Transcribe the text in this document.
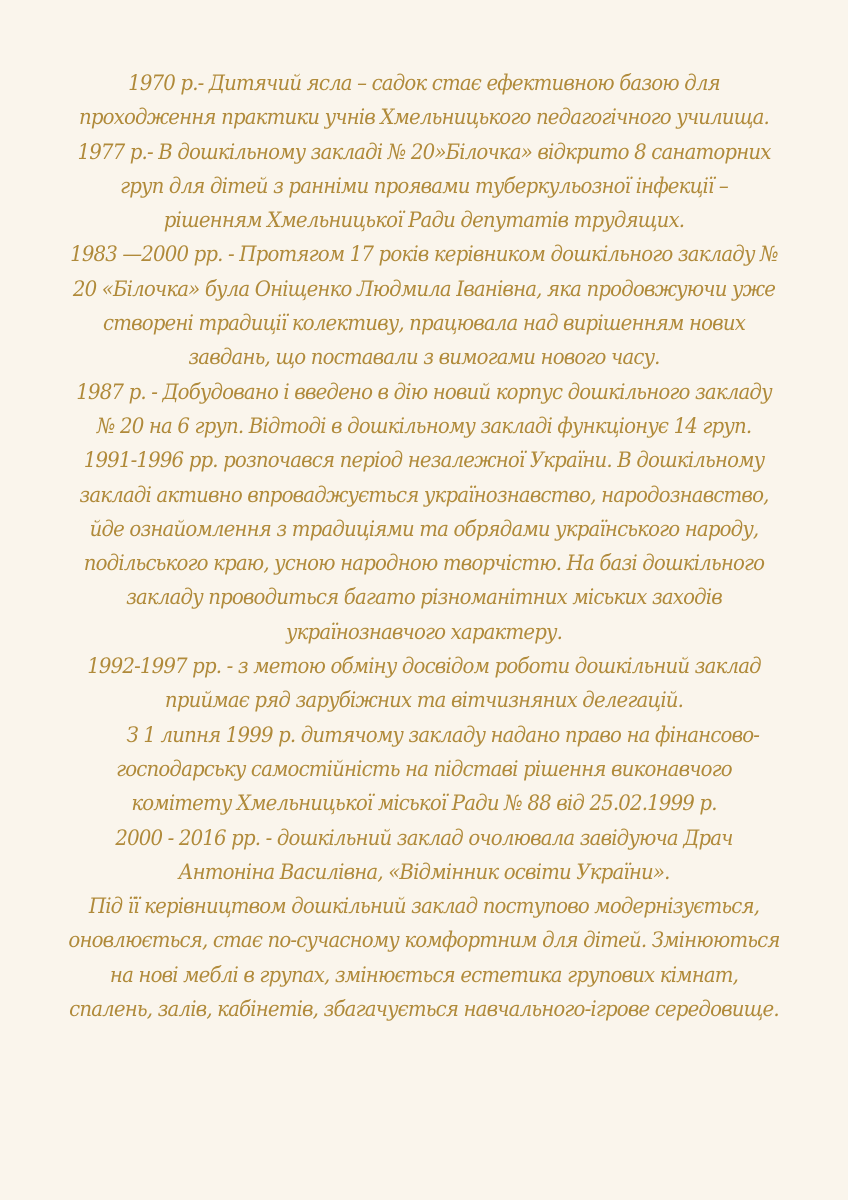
1970 р.- Дитячий ясла – садок стає ефективною базою для
проходження практики учнів Хмельницького педагогічного училища.
1977 р.- В дошкільному закладі № 20»Білочка» відкрито 8 санаторних
груп для дітей з ранніми проявами туберкульозної інфекції –
рішенням Хмельницької Ради депутатів трудящих.
1983 —2000 рр. - Протягом 17 років керівником дошкільного закладу №
20 «Білочка» була Оніщенко Людмила Іванівна, яка продовжуючи уже
створені традиції колективу, працювала над вирішенням нових
завдань, що поставали з вимогами нового часу.
1987 р. - Добудовано і введено в дію новий корпус дошкільного закладу
№ 20 на 6 груп. Відтоді в дошкільному закладі функціонує 14 груп.
1991-1996 рр. розпочався період незалежної України. В дошкільному
закладі активно впроваджується українознавство, народознавство,
йде ознайомлення з традиціями та обрядами українського народу,
подільського краю, усною народною творчістю. На базі дошкільного
закладу проводиться багато різноманітних міських заходів
українознавчого характеру.
1992-1997 рр. - з метою обміну досвідом роботи дошкільний заклад
приймає ряд зарубіжних та вітчизняних делегацій.
З 1 липня 1999 р. дитячому закладу надано право на фінансово-
господарську самостійність на підставі рішення виконавчого
комітету Хмельницької міської Ради № 88 від 25.02.1999 р.
2000 - 2016 рр. - дошкільний заклад очолювала завідуюча Драч
Антоніна Василівна, «Відмінник освіти України».
Під її керівництвом дошкільний заклад поступово модернізується,
оновлюється, стає по-сучасному комфортним для дітей. Змінюються
на нові меблі в групах, змінюється естетика групових кімнат,
спалень, залів, кабінетів, збагачується навчального-ігрове середовище.
